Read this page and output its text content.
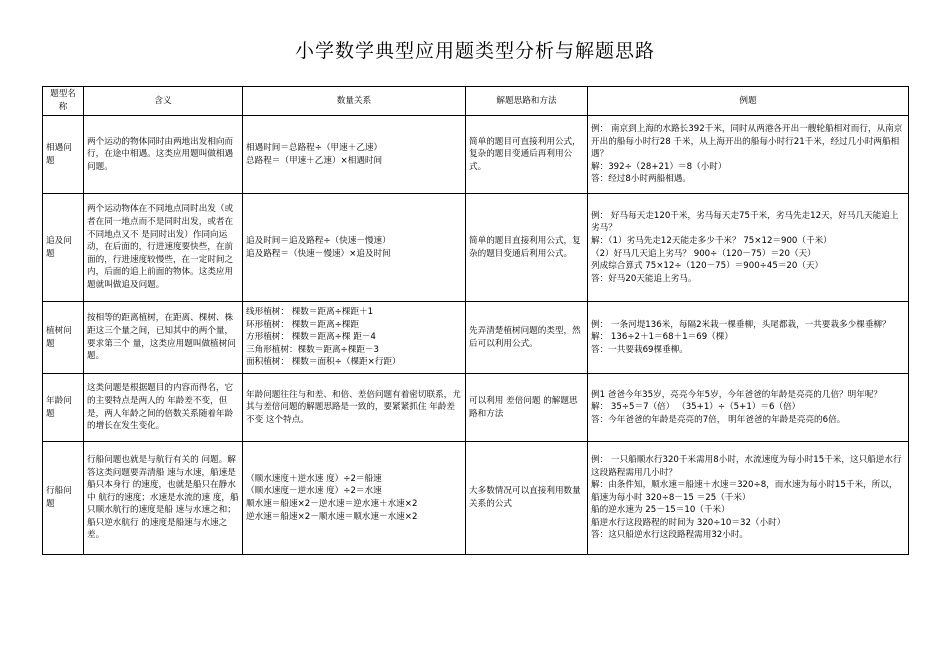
小学数学典型应用题类型分析与解题思路
题型名称	含义	数量关系	解题思路和方法	例题
相遇问题	两个运动的物体同时由两地出发相向而行，在途中相遇。这类应用题叫做相遇问题。	相遇时间＝总路程÷（甲速＋乙速）
总路程＝（甲速＋乙速）×相遇时间	简单的题目可直接利用公式，复杂的题目变通后再利用公式。	例： 南京到上海的水路长392千米，同时从两港各开出一艘轮船相对而行，从南京开出的船每小时行28 千米，从上海开出的船每小时行21千米，经过几小时两船相遇？
解：392÷（28+21）＝8（小时）
答：经过8小时两船相遇。

追及问题	两个运动物体在不同地点同时出发（或者在同一地点而不是同时出发，或者在不同地点又不 是同时出发）作同向运动，在后面的，行进速度要快些，在前面的，行进速度较慢些，在一定时间之内，后面的追上前面的物体。这类应用题就叫做追及问题。	追及时间＝追及路程÷（快速－慢速）
追及路程＝（快速－慢速）×追及时间	简单的题目直接利用公式，复杂的题目变通后利用公式。	例： 好马每天走120千米，劣马每天走75千米，劣马先走12天，好马几天能追上劣马？
解：（1）劣马先走12天能走多少千米？ 75×12＝900（千米）
（2）好马几天追上劣马？ 900÷（120－75）＝20（天）
列成综合算式 75×12÷（120－75）＝900÷45＝20（天）
答：好马20天能追上劣马。

植树问题	按相等的距离植树，在距离、棵树、株距这三个量之间，已知其中的两个量，要求第三个 量，这类应用题叫做植树问题。	线形植树： 棵数＝距离÷棵距＋1
环形植树： 棵数＝距离÷棵距
方形植树： 棵数＝距离÷棵 距－4
三角形植树：棵数＝距离÷棵距－3
面积植树： 棵数＝面积÷（棵距×行距）	先弄清楚植树问题的类型，然后可以利用公式。	例： 一条河堤136米，每隔2米栽一棵垂柳，头尾都栽，一共要栽多少棵垂柳？
解： 136÷2＋1＝68＋1＝69（棵）
答：一共要栽69棵垂柳。

年龄问题	这类问题是根据题目的内容而得名，它的主要特点是两人的 年龄差不变，但是，两人年龄之间的倍数关系随着年龄的增长在发生变化。	年龄问题往往与和差、和倍、差倍问题有着密切联系，尤其与差倍问题的解题思路是一致的，要紧紧抓住 年龄差不变 这个特点。	可以利用 差倍问题 的解题思路和方法	例1 爸爸今年35岁，亮亮今年5岁，今年爸爸的年龄是亮亮的几倍？明年呢？
解： 35÷5＝7（倍） （35+1）÷（5+1）＝6（倍）
答：今年爸爸的年龄是亮亮的7倍， 明年爸爸的年龄是亮亮的6倍。

行船问题	行船问题也就是与航行有关的 问题。解答这类问题要弄清船 速与水速，船速是船只本身行 的速度，也就是船只在静水中 航行的速度；水速是水流的速 度，船只顺水航行的速度是船 速与水速之和；船只逆水航行 的速度是船速与水速之差。	（顺水速度＋逆水速 度）÷2＝船速
（顺水速度－逆水速 度）÷2＝水速
顺水速＝船速×2－逆水速＝逆水速＋水速×2
逆水速＝船速×2－顺水速＝顺水速－水速×2	大多数情况可以直接利用数量关系的公式	例： 一只船顺水行320千米需用8小时，水流速度为每小时15千米，这只船逆水行这段路程需用几小时？
解：由条件知，顺水速＝船速＋水速＝320÷8，而水速为每小时15千米，所以，船速为每小时 320÷8－15 ＝25（千米）
船的逆水速为 25－15＝10（千米）
船逆水行这段路程的时间为 320÷10＝32（小时）
答：这只船逆水行这段路程需用32小时。
